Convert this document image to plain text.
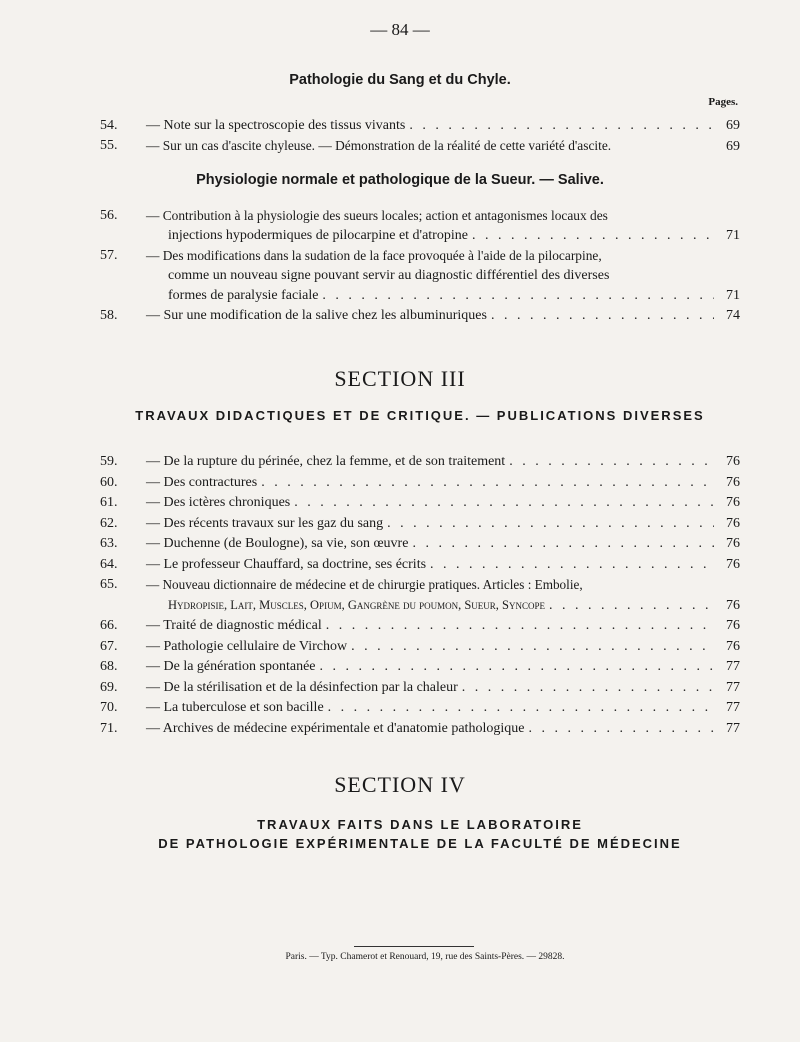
— 84 —
Pathologie du Sang et du Chyle.
Pages.
54.	— Note sur la spectroscopie des tissus vivants . . .	69
55.	— Sur un cas d'ascite chyleuse. — Démonstration de la réalité de cette variété d'ascite.	69
Physiologie normale et pathologique de la Sueur. — Salive.
56.	— Contribution à la physiologie des sueurs locales; action et antagonismes locaux des
injections hypodermiques de pilocarpine et d'atropine . . .	71
57.	— Des modifications dans la sudation de la face provoquée à l'aide de la pilocarpine,
comme un nouveau signe pouvant servir au diagnostic différentiel des diverses
formes de paralysie faciale . . .	71
58.	— Sur une modification de la salive chez les albuminuriques . . .	74
SECTION III
TRAVAUX DIDACTIQUES ET DE CRITIQUE. — PUBLICATIONS DIVERSES
59.	— De la rupture du périnée, chez la femme, et de son traitement . . .	76
60.	— Des contractures . . .	76
61.	— Des ictères chroniques . . .	76
62.	— Des récents travaux sur les gaz du sang . . .	76
63.	— Duchenne (de Boulogne), sa vie, son œuvre . . .	76
64.	— Le professeur Chauffard, sa doctrine, ses écrits . . .	76
65.	— Nouveau dictionnaire de médecine et de chirurgie pratiques. Articles : Embolie,
Hydropisie, Lait, Muscles, Opium, Gangrène du poumon, Sueur, Syncope . . .	76
66.	— Traité de diagnostic médical . . .	76
67.	— Pathologie cellulaire de Virchow . . .	76
68.	— De la génération spontanée . . .	77
69.	— De la stérilisation et de la désinfection par la chaleur . . .	77
70.	— La tuberculose et son bacille . . .	77
71.	— Archives de médecine expérimentale et d'anatomie pathologique . . .	77
SECTION IV
TRAVAUX FAITS DANS LE LABORATOIRE
DE PATHOLOGIE EXPÉRIMENTALE DE LA FACULTÉ DE MÉDECINE
Paris. — Typ. Chamerot et Renouard, 19, rue des Saints-Pères. — 29828.
